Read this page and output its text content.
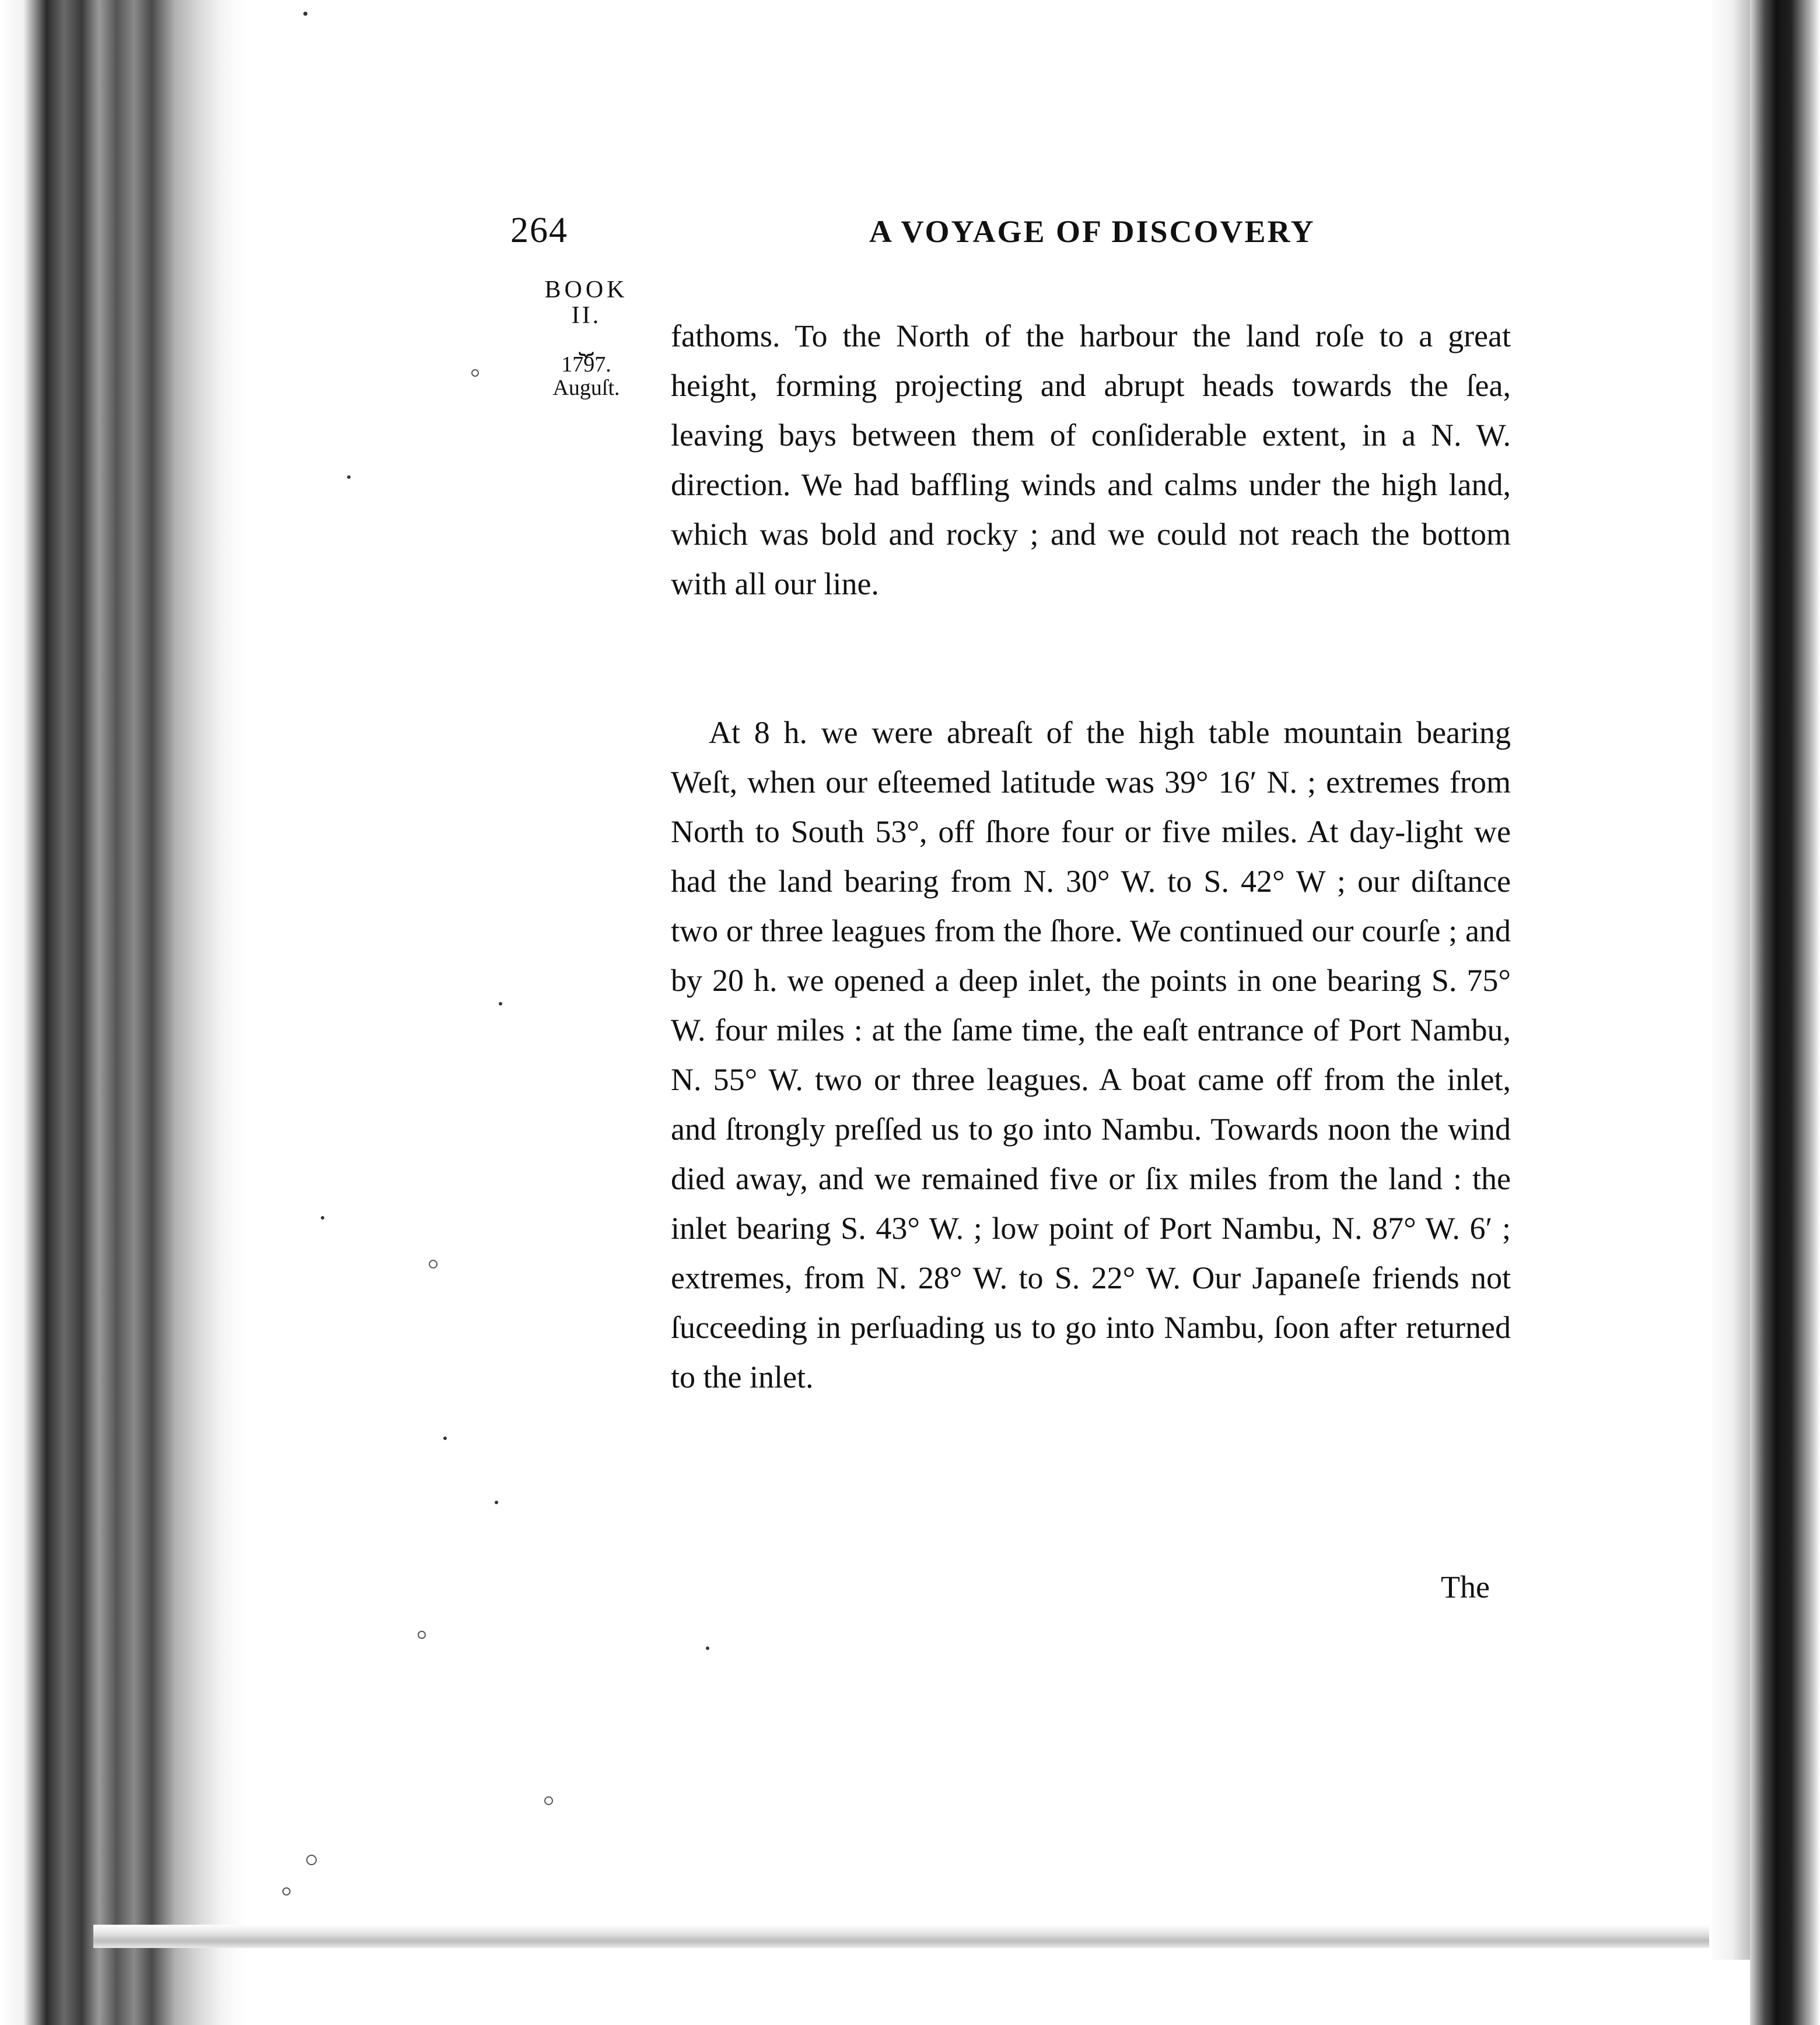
264	A VOYAGE OF DISCOVERY
BOOK
II.
⏟
1797.
Auguſt.

fathoms. To the North of the harbour the land roſe to a great height, forming projecting and abrupt heads towards the ſea, leaving bays between them of conſiderable extent, in a N. W. direction. We had baffling winds and calms under the high land, which was bold and rocky ; and we could not reach the bottom with all our line.

At 8 h. we were abreaſt of the high table mountain bearing Weſt, when our eſteemed latitude was 39° 16′ N. ; extremes from North to South 53°, off ſhore four or five miles. At day-light we had the land bearing from N. 30° W. to S. 42° W ; our diſtance two or three leagues from the ſhore. We continued our courſe ; and by 20 h. we opened a deep inlet, the points in one bearing S. 75° W. four miles : at the ſame time, the eaſt entrance of Port Nambu, N. 55° W. two or three leagues. A boat came off from the inlet, and ſtrongly preſſed us to go into Nambu. Towards noon the wind died away, and we remained five or ſix miles from the land : the inlet bearing S. 43° W. ; low point of Port Nambu, N. 87° W. 6′ ; extremes, from N. 28° W. to S. 22° W. Our Japaneſe friends not ſucceeding in perſuading us to go into Nambu, ſoon after returned to the inlet.

The
